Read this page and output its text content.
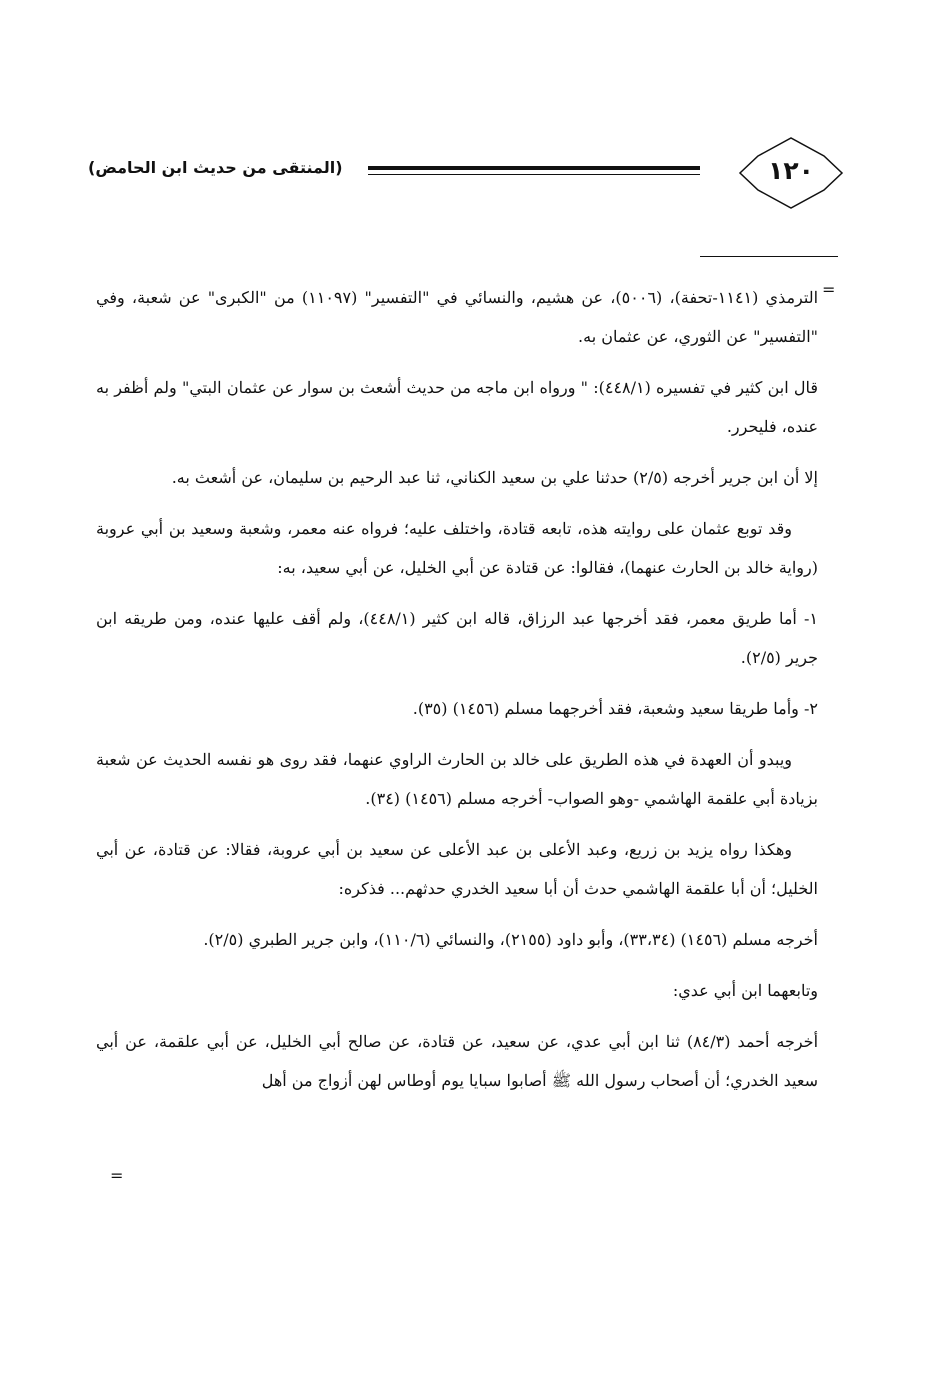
(المنتقى من حديث ابن الحامض)	١٢٠
=

الترمذي (١١٤١-تحفة)، (٥٠٠٦)، عن هشيم، والنسائي في "التفسير" (١١٠٩٧) من "الكبرى" عن شعبة، وفي "التفسير" عن الثوري، عن عثمان به.

قال ابن كثير في تفسيره (٤٤٨/١): " ورواه ابن ماجه من حديث أشعث بن سوار عن عثمان البتي" ولم أظفر به عنده، فليحرر.

إلا أن ابن جرير أخرجه (٢/٥) حدثنا علي بن سعيد الكناني، ثنا عبد الرحيم بن سليمان، عن أشعث به.

وقد توبع عثمان على روايته هذه، تابعه قتادة، واختلف عليه؛ فرواه عنه معمر، وشعبة وسعيد بن أبي عروبة (رواية خالد بن الحارث عنهما)، فقالوا: عن قتادة عن أبي الخليل، عن أبي سعيد، به:

١- أما طريق معمر، فقد أخرجها عبد الرزاق، قاله ابن كثير (٤٤٨/١)، ولم أقف عليها عنده، ومن طريقه ابن جرير (٢/٥).

٢- وأما طريقا سعيد وشعبة، فقد أخرجهما مسلم (١٤٥٦) (٣٥).

ويبدو أن العهدة في هذه الطريق على خالد بن الحارث الراوي عنهما، فقد روى هو نفسه الحديث عن شعبة بزيادة أبي علقمة الهاشمي -وهو الصواب- أخرجه مسلم (١٤٥٦) (٣٤).

وهكذا رواه يزيد بن زريع، وعبد الأعلى بن عبد الأعلى عن سعيد بن أبي عروبة، فقالا: عن قتادة، عن أبي الخليل؛ أن أبا علقمة الهاشمي حدث أن أبا سعيد الخدري حدثهم... فذكره:

أخرجه مسلم (١٤٥٦) (٣٣،٣٤)، وأبو داود (٢١٥٥)، والنسائي (١١٠/٦)، وابن جرير الطبري (٢/٥).

وتابعهما ابن أبي عدي:

أخرجه أحمد (٨٤/٣) ثنا ابن أبي عدي، عن سعيد، عن قتادة، عن صالح أبي الخليل، عن أبي علقمة، عن أبي سعيد الخدري؛ أن أصحاب رسول الله ﷺ أصابوا سبايا يوم أوطاس لهن أزواج من أهل

=
